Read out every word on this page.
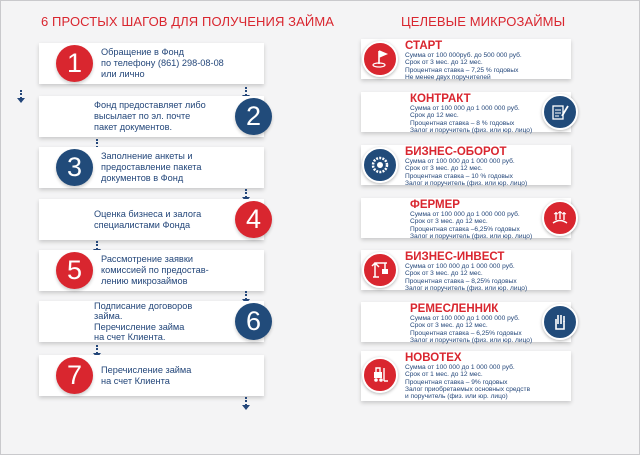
6 ПРОСТЫХ ШАГОВ ДЛЯ ПОЛУЧЕНИЯ ЗАЙМА	ЦЕЛЕВЫЕ МИКРОЗАЙМЫ
1	Обращение в Фонд
по телефону (861) 298-08-08
или лично
2
Фонд предоставляет либо
высылает по эл. почте
пакет документов.
3	Заполнение анкеты и
предоставление пакета
документов в Фонд
4
Оценка бизнеса и залога
специалистами Фонда
5	Рассмотрение заявки
комиссией по предостав-
лению микрозаймов
6
Подписание договоров
займа.
Перечисление займа
на счет Клиента.
7	Перечисление займа
на счет Клиента
СТАРТ
Сумма от 100 000руб. до 500 000 руб.
Срок от 3 мес. до 12 мес.
Процентная ставка – 7,25 % годовых
Не менее двух поручителей
КОНТРАКТ
Сумма от 100 000 до 1 000 000 руб.
Срок до 12 мес.
Процентная ставка – 8 % годовых
Залог и поручитель (физ. или юр. лицо)
БИЗНЕС-ОБОРОТ
Сумма от 100 000 до 1 000 000 руб.
Срок от 3 мес. до 12 мес.
Процентная ставка – 10 % годовых
Залог и поручитель (физ. или юр. лицо)
ФЕРМЕР
Сумма от 100 000 до 1 000 000 руб.
Срок от 3 мес. до 12 мес.
Процентная ставка –6,25% годовых
Залог и поручитель (физ. или юр. лицо)
БИЗНЕС-ИНВЕСТ
Сумма от 100 000 до 1 000 000 руб.
Срок от 3 мес. до 12 мес.
Процентная ставка – 8,25% годовых
Залог и поручитель (физ. или юр. лицо)
РЕМЕСЛЕННИК
Сумма от 100 000 до 1 000 000 руб.
Срок от 3 мес. до 12 мес.
Процентная ставка – 6,25% годовых
Залог и поручитель (физ. или юр. лицо)
НОВОТЕХ
Сумма от 100 000 до 1 000 000 руб.
Срок от 1 мес. до 12 мес.
Процентная ставка – 9% годовых
Залог приобретаемых основных средств
и поручитель (физ. или юр. лицо)
